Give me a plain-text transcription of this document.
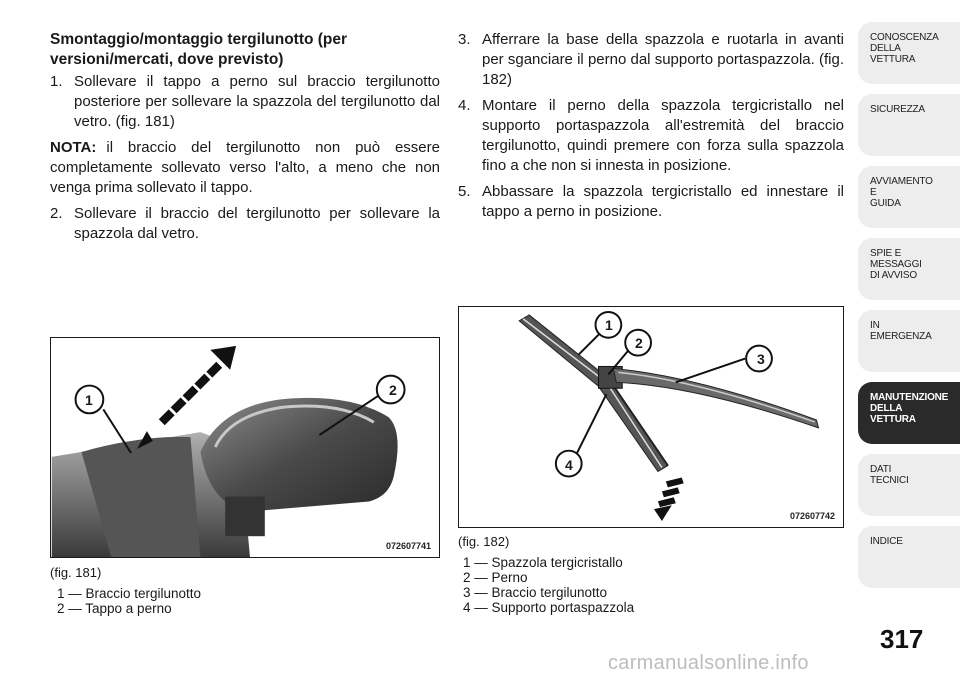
Smontaggio/montaggio tergilunotto (per versioni/mercati, dove previsto)
1. Sollevare il tappo a perno sul braccio tergilunotto posteriore per sollevare la spazzola del tergilunotto dal vetro. (fig. 181)
NOTA: il braccio del tergilunotto non può essere completamente sollevato verso l'alto, a meno che non venga prima sollevato il tappo.
2. Sollevare il braccio del tergilunotto per sollevare la spazzola dal vetro.
3. Afferrare la base della spazzola e ruotarla in avanti per sganciare il perno dal supporto portaspazzola. (fig. 182)
4. Montare il perno della spazzola tergicristallo nel supporto portaspazzola all'estremità del braccio tergilunotto, quindi premere con forza sulla spazzola fino a che non si innesta in posizione.
5. Abbassare la spazzola tergicristallo ed innestare il tappo a perno in posizione.
1
2
072607741
(fig. 181)
1 — Braccio tergilunotto
2 — Tappo a perno
1
2
3
4
072607742
(fig. 182)
1 — Spazzola tergicristallo
2 — Perno
3 — Braccio tergilunotto
4 — Supporto portaspazzola
CONOSCENZA
DELLA
VETTURA
SICUREZZA
AVVIAMENTO
E
GUIDA
SPIE E
MESSAGGI
DI AVVISO
IN
EMERGENZA
MANUTENZIONE
DELLA
VETTURA
DATI
TECNICI
INDICE
317
carmanualsonline.info
